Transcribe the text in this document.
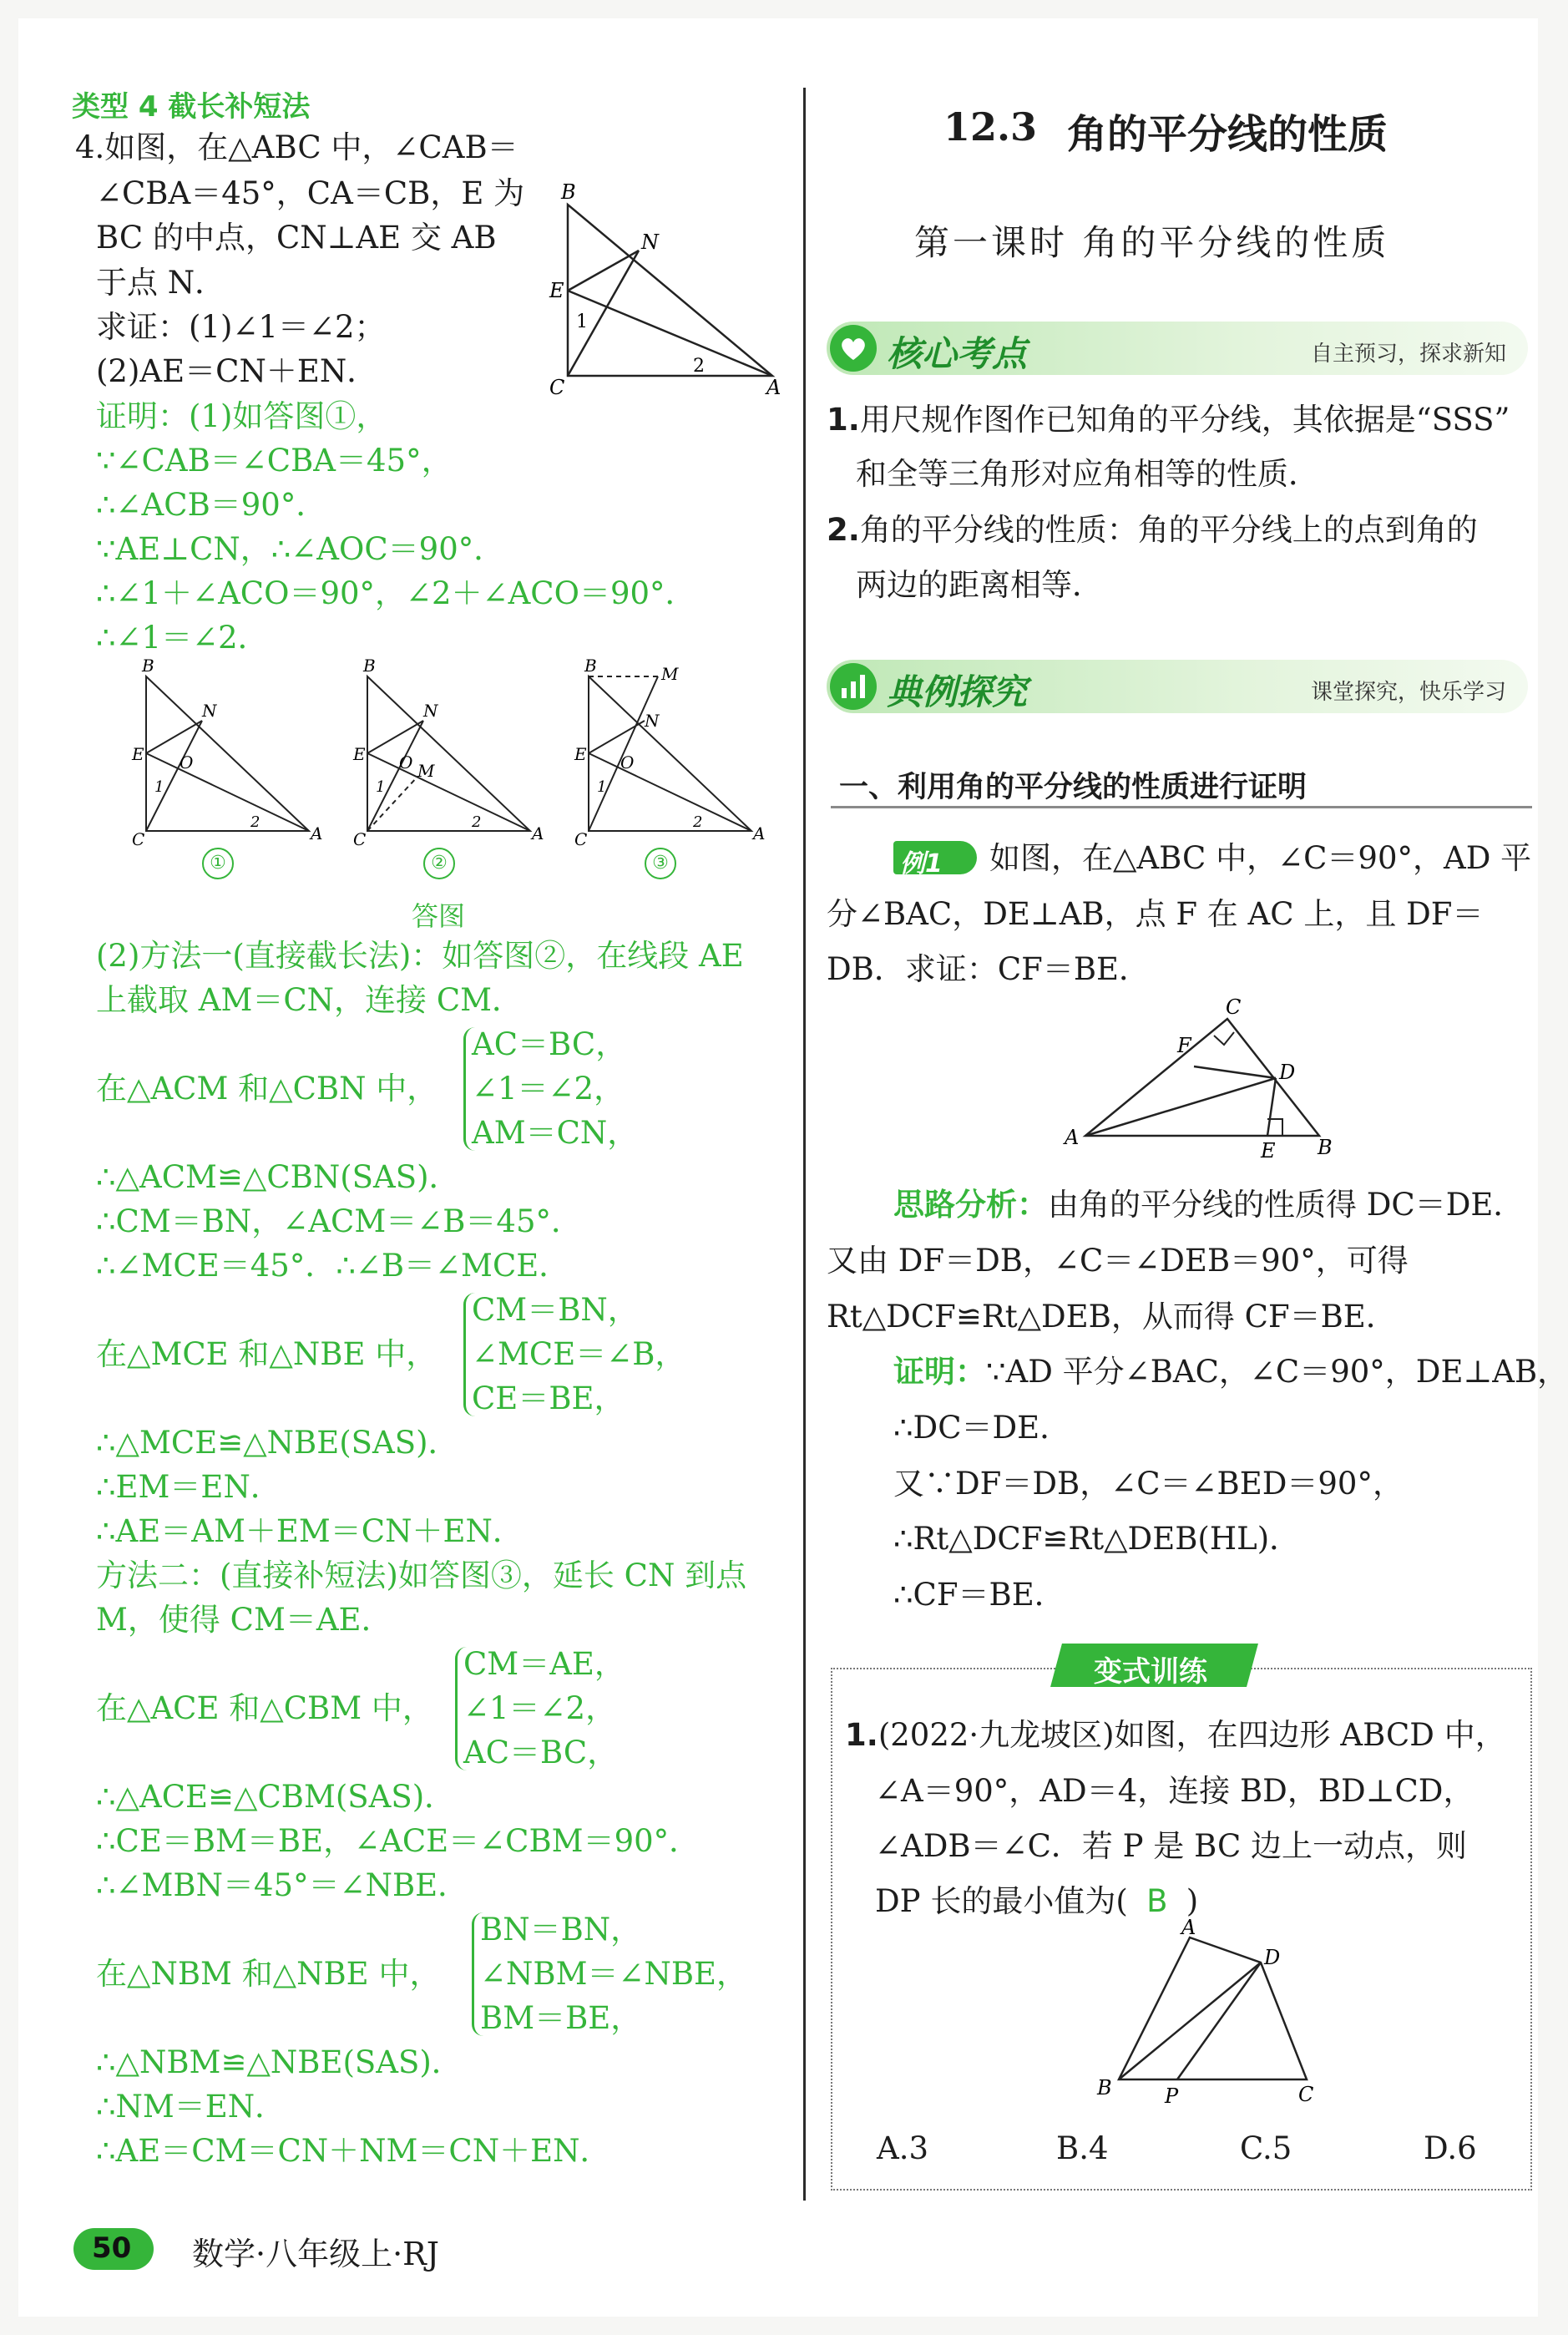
类型 4 截长补短法
4.如图，在△ABC 中，∠CAB＝
∠CBA＝45°，CA＝CB，E 为
BC 的中点，CN⊥AE 交 AB
于点 N．
求证：(1)∠1＝∠2；
(2)AE＝CN＋EN．
B
N
E
1
C
2
A
证明：(1)如答图①，
∵∠CAB＝∠CBA＝45°，
∴∠ACB＝90°．
∵AE⊥CN，∴∠AOC＝90°．
∴∠1＋∠ACO＝90°，∠2＋∠ACO＝90°．
∴∠1＝∠2．
B
N
E O
1
C
2
A
B
N
E O M
1
C
2
A
B	M
N
E O
1
C
2
A
①	②	③
答图
(2)方法一(直接截长法)：如答图②，在线段 AE
上截取 AM＝CN，连接 CM．
在△ACM 和△CBN 中，
AC＝BC，
∠1＝∠2，
AM＝CN，
∴△ACM≌△CBN(SAS)．
∴CM＝BN，∠ACM＝∠B＝45°．
∴∠MCE＝45°．∴∠B＝∠MCE．
在△MCE 和△NBE 中，
CM＝BN，
∠MCE＝∠B，
CE＝BE，
∴△MCE≌△NBE(SAS)．
∴EM＝EN．
∴AE＝AM＋EM＝CN＋EN．
方法二：(直接补短法)如答图③，延长 CN 到点
M，使得 CM＝AE．
在△ACE 和△CBM 中，
CM＝AE，
∠1＝∠2，
AC＝BC，
∴△ACE≌△CBM(SAS)．
∴CE＝BM＝BE，∠ACE＝∠CBM＝90°．
∴∠MBN＝45°＝∠NBE．
在△NBM 和△NBE 中，
BN＝BN，
∠NBM＝∠NBE，
BM＝BE，
∴△NBM≌△NBE(SAS)．
∴NM＝EN．
∴AE＝CM＝CN＋NM＝CN＋EN．
12.3 角的平分线的性质
第一课时 角的平分线的性质
核心考点	自主预习，探求新知
1.用尺规作图作已知角的平分线，其依据是“SSS”
和全等三角形对应角相等的性质．
2.角的平分线的性质：角的平分线上的点到角的
两边的距离相等．
典例探究	课堂探究，快乐学习
一、利用角的平分线的性质进行证明
例1 如图，在△ABC 中，∠C＝90°，AD 平
分∠BAC，DE⊥AB，点 F 在 AC 上，且 DF＝
DB．求证：CF＝BE．
C
F
D
A
E B
思路分析：由角的平分线的性质得 DC＝DE．
又由 DF＝DB，∠C＝∠DEB＝90°，可得
Rt△DCF≌Rt△DEB，从而得 CF＝BE．
证明：∵AD 平分∠BAC，∠C＝90°，DE⊥AB，
∴DC＝DE．
又∵DF＝DB，∠C＝∠BED＝90°，
∴Rt△DCF≌Rt△DEB(HL)．
∴CF＝BE．
变式训练
1.(2022·九龙坡区)如图，在四边形 ABCD 中，
∠A＝90°，AD＝4，连接 BD，BD⊥CD，
∠ADB＝∠C．若 P 是 BC 边上一动点，则
DP 长的最小值为( B )
A
D
B	P	C
A.3	B.4	C.5	D.6
50 数学·八年级上·RJ
